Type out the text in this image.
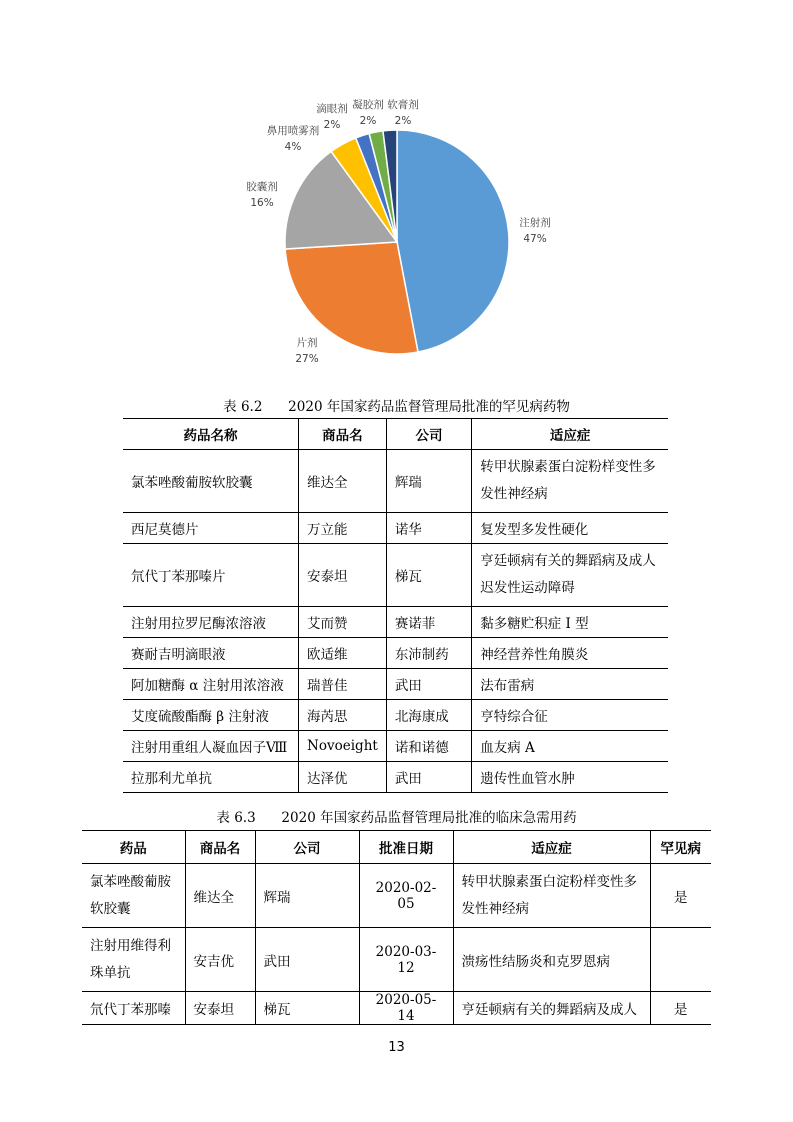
注射剂
47%
片剂
27%
胶囊剂
16%
鼻用喷雾剂
4%
滴眼剂
2%
凝胶剂
2%
软膏剂
2%
表 6.2      2020 年国家药品监督管理局批准的罕见病药物
药品名称	商品名	公司	适应症
氯苯唑酸葡胺软胶囊	维达全	辉瑞	转甲状腺素蛋白淀粉样变性多发性神经病
西尼莫德片	万立能	诺华	复发型多发性硬化
氘代丁苯那嗪片	安泰坦	梯瓦	亨廷顿病有关的舞蹈病及成人迟发性运动障碍
注射用拉罗尼酶浓溶液	艾而赞	赛诺菲	黏多糖贮积症 Ⅰ 型
赛耐吉明滴眼液	欧适维	东沛制药	神经营养性角膜炎
阿加糖酶 α 注射用浓溶液	瑞普佳	武田	法布雷病
艾度硫酸酯酶 β 注射液	海芮思	北海康成	亨特综合征
注射用重组人凝血因子Ⅷ	Novoeight	诺和诺德	血友病 A
拉那利尤单抗	达泽优	武田	遗传性血管水肿
表 6.3      2020 年国家药品监督管理局批准的临床急需用药
药品	商品名	公司	批准日期	适应症	罕见病
氯苯唑酸葡胺软胶囊	维达全	辉瑞	2020-02-05	转甲状腺素蛋白淀粉样变性多发性神经病	是
注射用维得利珠单抗	安吉优	武田	2020-03-12	溃疡性结肠炎和克罗恩病	
氘代丁苯那嗪	安泰坦	梯瓦	2020-05-14	亨廷顿病有关的舞蹈病及成人	是
13
